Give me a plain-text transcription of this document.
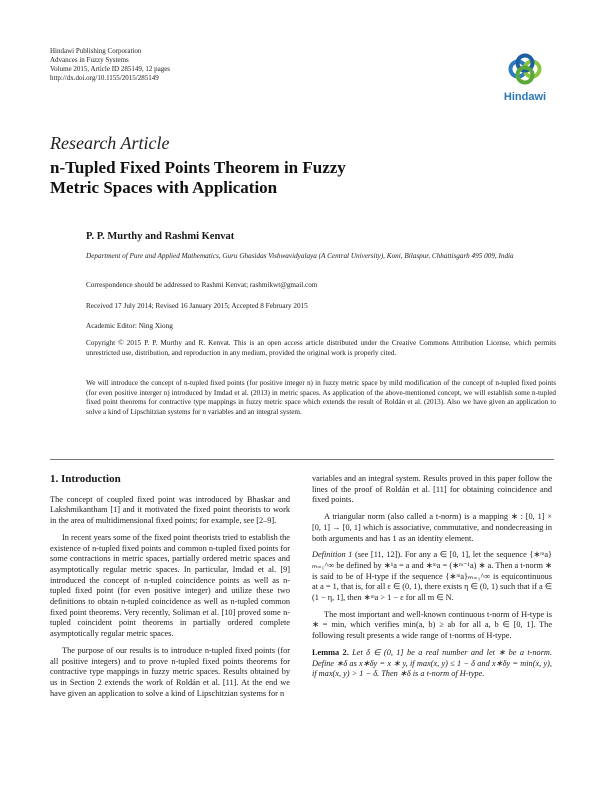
Hindawi Publishing Corporation
Advances in Fuzzy Systems
Volume 2015, Article ID 285149, 12 pages
http://dx.doi.org/10.1155/2015/285149
Hindawi
Research Article
n-Tupled Fixed Points Theorem in Fuzzy
Metric Spaces with Application
P. P. Murthy and Rashmi Kenvat
Department of Pure and Applied Mathematics, Guru Ghasidas Vishwavidyalaya (A Central University), Koni, Bilaspur, Chhattisgarh 495 009, India
Correspondence should be addressed to Rashmi Kenvat; rashmikwt@gmail.com
Received 17 July 2014; Revised 16 January 2015; Accepted 8 February 2015
Academic Editor: Ning Xiong
Copyright © 2015 P. P. Murthy and R. Kenvat. This is an open access article distributed under the Creative Commons Attribution License, which permits unrestricted use, distribution, and reproduction in any medium, provided the original work is properly cited.
We will introduce the concept of n-tupled fixed points (for positive integer n) in fuzzy metric space by mild modification of the concept of n-tupled fixed points (for even positive interger n) introduced by Imdad et al. (2013) in metric spaces. As application of the above-mentioned concept, we will establish some n-tupled fixed point theorems for contractive type mappings in fuzzy metric space which extends the result of Roldán et al. (2013). Also we have given an application to solve a kind of Lipschitzian systems for n variables and an integral system.
1. Introduction

The concept of coupled fixed point was introduced by Bhaskar and Lakshmikantham [1] and it motivated the fixed point theorists to work in the area of multidimensional fixed points; for example, see [2–9].

In recent years some of the fixed point theorists tried to establish the existence of n-tupled fixed points and common n-tupled fixed points for some contractions in metric spaces, partially ordered metric spaces and asymptotically regular metric spaces. In particular, Imdad et al. [9] introduced the concept of n-tupled coincidence points as well as n-tupled fixed point (for even positive integer) and utilize these two definitions to obtain n-tupled coincidence as well as n-tupled common fixed point theorems. Very recently, Soliman et al. [10] proved some n-tupled coincident point theorems in partially ordered complete asymptotically regular metric spaces.

The purpose of our results is to introduce n-tupled fixed points (for all positive integers) and to prove n-tupled fixed points theorems for contractive type mappings in fuzzy metric spaces. Results obtained by us in Section 2 extends the work of Roldán et al. [11]. At the end we have given an application to solve a kind of Lipschitzian systems for n

variables and an integral system. Results proved in this paper follow the lines of the proof of Roldán et al. [11] for obtaining coincidence and fixed points.

A triangular norm (also called a t-norm) is a mapping ∗ : [0, 1] × [0, 1] → [0, 1] which is associative, commutative, and nondecreasing in both arguments and has 1 as an identity element.

Definition 1 (see [11, 12]). For any a ∈ [0, 1], let the sequence {∗ᵐa}ₘ₌₁^∞ be defined by ∗¹a = a and ∗ᵐa = (∗ᵐ⁻¹a) ∗ a. Then a t-norm ∗ is said to be of H-type if the sequence {∗ᵐa}ₘ₌₁^∞ is equicontinuous at a = 1, that is, for all ε ∈ (0, 1), there exists η ∈ (0, 1) such that if a ∈ (1 − η, 1], then ∗ᵐa > 1 − ε for all m ∈ N.

The most important and well-known continuous t-norm of H-type is ∗ = min, which verifies min(a, b) ≥ ab for all a, b ∈ [0, 1]. The following result presents a wide range of t-norms of H-type.

Lemma 2. Let δ ∈ (0, 1] be a real number and let ∗ be a t-norm. Define ∗δ as x∗δy = x ∗ y, if max(x, y) ≤ 1 − δ and x∗δy = min(x, y), if max(x, y) > 1 − δ. Then ∗δ is a t-norm of H-type.
